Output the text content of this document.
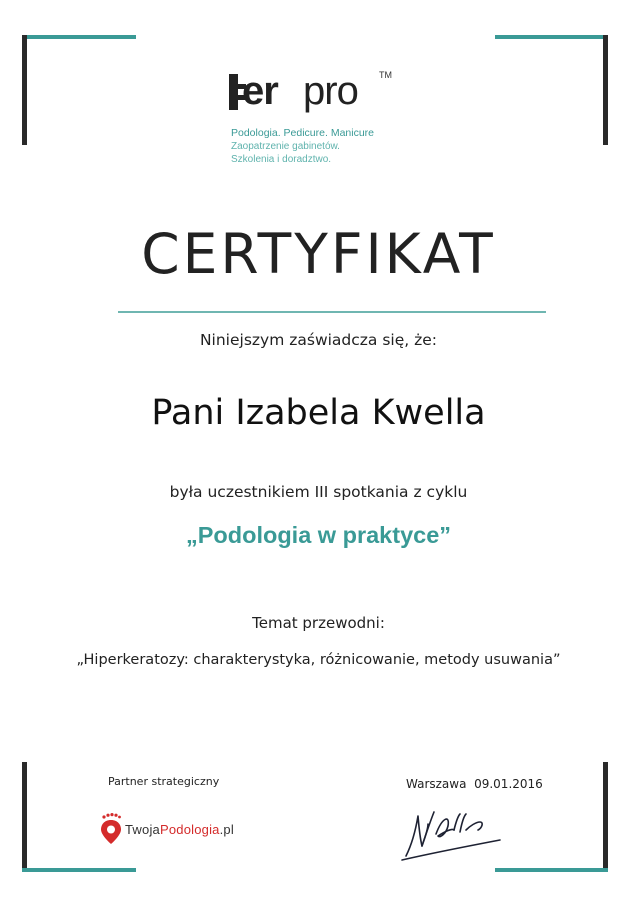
er pro TM
Podologia. Pedicure. Manicure
Zaopatrzenie gabinetów.
Szkolenia i doradztwo.
CERTYFIKAT
Niniejszym zaświadcza się, że:
Pani Izabela Kwella
była uczestnikiem III spotkania z cyklu
„Podologia w praktyce”
Temat przewodni:
„Hiperkeratozy: charakterystyka, różnicowanie, metody usuwania”
Partner strategiczny
TwojaPodologia.pl
Warszawa  09.01.2016
